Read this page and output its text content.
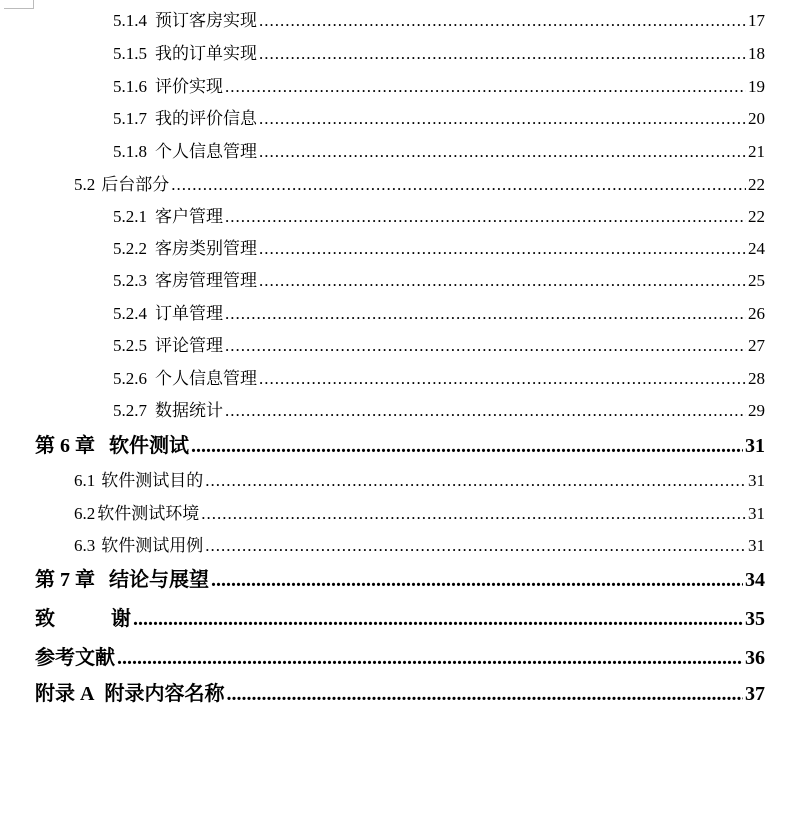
5.1.4 预订客房实现 .....	17
5.1.5 我的订单实现 .....	18
5.1.6 评价实现 .....	19
5.1.7 我的评价信息 .....	20
5.1.8 个人信息管理 .....	21
5.2 后台部分 .....	22
5.2.1 客户管理 .....	22
5.2.2 客房类别管理 .....	24
5.2.3 客房管理管理 .....	25
5.2.4 订单管理 .....	26
5.2.5 评论管理 .....	27
5.2.6 个人信息管理 .....	28
5.2.7 数据统计 .....	29
第 6 章 软件测试 .....	31
6.1 软件测试目的 .....	31
6.2 软件测试环境 .....	31
6.3 软件测试用例 .....	31
第 7 章 结论与展望 .....	34
致	谢 .....	35
参考文献 .....	36
附录 A 附录内容名称 .....	37
